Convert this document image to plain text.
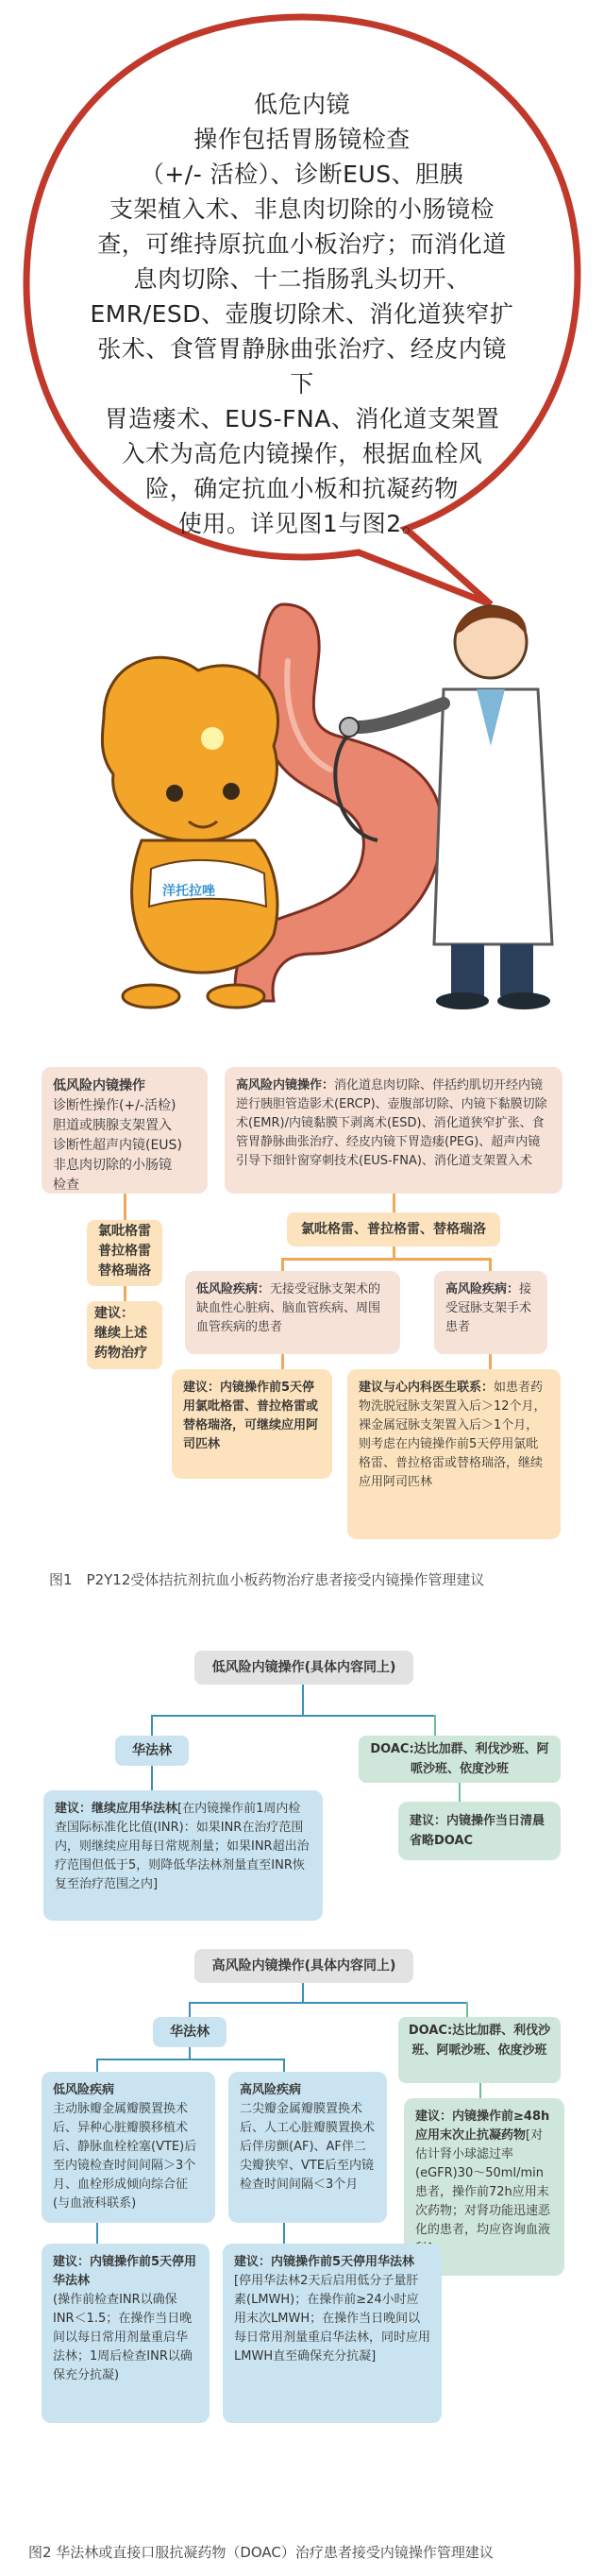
洋托拉唑
低危内镜
操作包括胃肠镜检查
（+/- 活检）、诊断EUS、胆胰
支架植入术、非息肉切除的小肠镜检
查，可维持原抗血小板治疗；而消化道
息肉切除、十二指肠乳头切开、
EMR/ESD、壶腹切除术、消化道狭窄扩
张术、食管胃静脉曲张治疗、经皮内镜下
胃造瘘术、EUS-FNA、消化道支架置
入术为高危内镜操作，根据血栓风
险，确定抗血小板和抗凝药物
使用。详见图1与图2。
低风险内镜操作
诊断性操作(+/-活检)
胆道或胰腺支架置入
诊断性超声内镜(EUS)
非息肉切除的小肠镜
检查
高风险内镜操作：消化道息肉切除、伴括约肌切开经内镜逆行胰胆管造影术(ERCP)、壶腹部切除、内镜下黏膜切除术(EMR)/内镜黏膜下剥离术(ESD)、消化道狭窄扩张、食管胃静脉曲张治疗、经皮内镜下胃造瘘(PEG)、超声内镜引导下细针窗穿刺技术(EUS-FNA)、消化道支架置入术
氯吡格雷
普拉格雷
替格瑞洛
建议：
继续上述
药物治疗
氯吡格雷、普拉格雷、替格瑞洛
低风险疾病：无接受冠脉支架术的缺血性心脏病、脑血管疾病、周围血管疾病的患者
高风险疾病：接受冠脉支架手术患者
建议：内镜操作前5天停用氯吡格雷、普拉格雷或替格瑞洛，可继续应用阿司匹林
建议与心内科医生联系：如患者药物洗脱冠脉支架置入后＞12个月，裸金属冠脉支架置入后＞1个月，则考虑在内镜操作前5天停用氯吡格雷、普拉格雷或替格瑞洛，继续应用阿司匹林
图1　P2Y12受体拮抗剂抗血小板药物治疗患者接受内镜操作管理建议
低风险内镜操作(具体内容同上)
华法林	DOAC:达比加群、利伐沙班、阿哌沙班、依度沙班
建议：继续应用华法林[在内镜操作前1周内检查国际标准化比值(INR)：如果INR在治疗范围内，则继续应用每日常规剂量；如果INR超出治疗范围但低于5，则降低华法林剂量直至INR恢复至治疗范围之内]
建议：内镜操作当日清晨省略DOAC
高风险内镜操作(具体内容同上)
华法林	DOAC:达比加群、利伐沙班、阿哌沙班、依度沙班
低风险疾病
主动脉瓣金属瓣膜置换术后、异种心脏瓣膜移植术后、静脉血栓栓塞(VTE)后至内镜检查时间间隔＞3个月、血栓形成倾向综合征(与血液科联系)
高风险疾病
二尖瓣金属瓣膜置换术后、人工心脏瓣膜置换术后伴房颤(AF)、AF伴二尖瓣狭窄、VTE后至内镜检查时间间隔＜3个月
建议：内镜操作前≥48h应用末次止抗凝药物[对估计肾小球滤过率(eGFR)30～50ml/min患者，操作前72h应用末次药物；对肾功能迅速恶化的患者，均应咨询血液
建议：内镜操作前5天停用华法林
(操作前检查INR以确保INR＜1.5；在操作当日晚间以每日常用剂量重启华法林；1周后检查INR以确保充分抗凝)
建议：内镜操作前5天停用华法林
[停用华法林2天后启用低分子量肝素(LMWH)；在操作前≥24小时应用末次LMWH；在操作当日晚间以每日常用剂量重启华法林，同时应用LMWH直至确保充分抗凝]
图2 华法林或直接口服抗凝药物（DOAC）治疗患者接受内镜操作管理建议
